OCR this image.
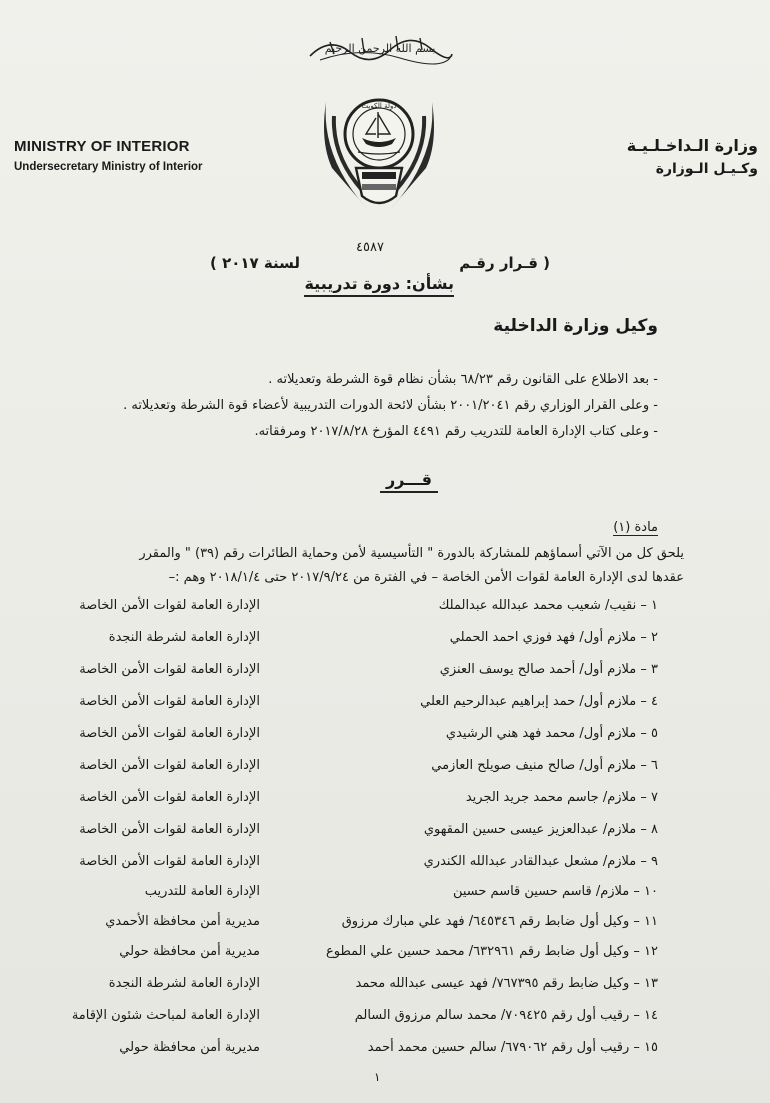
بسم الله الرحمن الرحيم
دولة الكويت
MINISTRY OF INTERIOR
Undersecretary Ministry of Interior
وزارة الـداخـلـيـة
وكـيـل الـوزارة
٤٥٨٧
( قـرار رقـم
لسنة ٢٠١٧ )
بشأن: دورة تدريبية
وكيل وزارة الداخلية
- بعد الاطلاع على القانون رقم ٦٨/٢٣ بشأن نظام قوة الشرطة وتعديلاته .
- وعلى القرار الوزاري رقم ٢٠٠١/٢٠٤١ بشأن لائحة الدورات التدريبية لأعضاء قوة الشرطة وتعديلاته .
- وعلى كتاب الإدارة العامة للتدريب رقم ٤٤٩١ المؤرخ ٢٠١٧/٨/٢٨ ومرفقاته.
قـــرر
مادة (١)
يلحق كل من الآتي أسماؤهم للمشاركة بالدورة " التأسيسية لأمن وحماية الطائرات رقم (٣٩) " والمقرر
عقدها لدى الإدارة العامة لقوات الأمن الخاصة – في الفترة من ٢٠١٧/٩/٢٤ حتى ٢٠١٨/١/٤ وهم :–
١ – نقيب/ شعيب محمد عبدالله عبدالملك
الإدارة العامة لقوات الأمن الخاصة
٢ – ملازم أول/ فهد فوزي احمد الحملي
الإدارة العامة لشرطة النجدة
٣ – ملازم أول/ أحمد صالح يوسف العنزي
الإدارة العامة لقوات الأمن الخاصة
٤ – ملازم أول/ حمد إبراهيم عبدالرحيم العلي
الإدارة العامة لقوات الأمن الخاصة
٥ – ملازم أول/ محمد فهد هني الرشيدي
الإدارة العامة لقوات الأمن الخاصة
٦ – ملازم أول/ صالح منيف صويلح العازمي
الإدارة العامة لقوات الأمن الخاصة
٧ – ملازم/ جاسم محمد جريد الجريد
الإدارة العامة لقوات الأمن الخاصة
٨ – ملازم/ عبدالعزيز عيسى حسين المقهوي
الإدارة العامة لقوات الأمن الخاصة
٩ – ملازم/ مشعل عبدالقادر عبدالله الكندري
الإدارة العامة لقوات الأمن الخاصة
١٠ – ملازم/ قاسم حسين قاسم حسين
الإدارة العامة للتدريب
١١ – وكيل أول ضابط رقم ٦٤٥٣٤٦/ فهد علي مبارك مرزوق
مديرية أمن محافظة الأحمدي
١٢ – وكيل أول ضابط رقم ٦٣٢٩٦١/ محمد حسين علي المطوع
مديرية أمن محافظة حولي
١٣ – وكيل ضابط رقم ٧٦٧٣٩٥/ فهد عيسى عبدالله محمد
الإدارة العامة لشرطة النجدة
١٤ – رقيب أول رقم ٧٠٩٤٢٥/ محمد سالم مرزوق السالم
الإدارة العامة لمباحث شئون الإقامة
١٥ – رقيب أول رقم ٦٧٩٠٦٢/ سالم حسين محمد أحمد
مديرية أمن محافظة حولي
١
